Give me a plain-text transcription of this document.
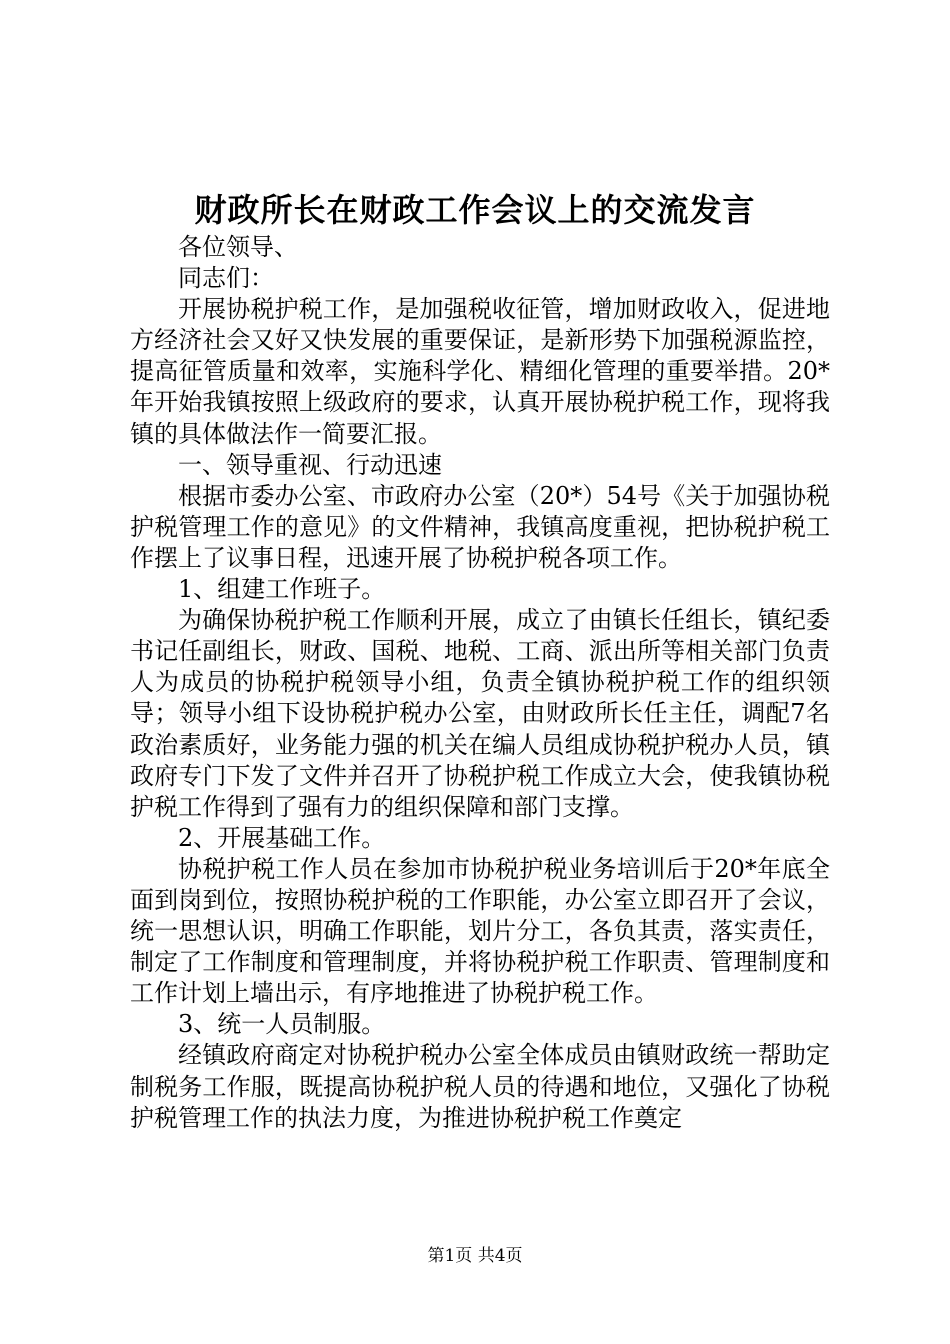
财政所长在财政工作会议上的交流发言

各位领导、

同志们：

开展协税护税工作，是加强税收征管，增加财政收入，促进地方经济社会又好又快发展的重要保证，是新形势下加强税源监控，提高征管质量和效率，实施科学化、精细化管理的重要举措。20*年开始我镇按照上级政府的要求，认真开展协税护税工作，现将我镇的具体做法作一简要汇报。

一、领导重视、行动迅速

根据市委办公室、市政府办公室（20*）54号《关于加强协税护税管理工作的意见》的文件精神，我镇高度重视，把协税护税工作摆上了议事日程，迅速开展了协税护税各项工作。

1、组建工作班子。

为确保协税护税工作顺利开展，成立了由镇长任组长，镇纪委书记任副组长，财政、国税、地税、工商、派出所等相关部门负责人为成员的协税护税领导小组，负责全镇协税护税工作的组织领导；领导小组下设协税护税办公室，由财政所长任主任，调配7名政治素质好，业务能力强的机关在编人员组成协税护税办人员，镇政府专门下发了文件并召开了协税护税工作成立大会，使我镇协税护税工作得到了强有力的组织保障和部门支撑。

2、开展基础工作。

协税护税工作人员在参加市协税护税业务培训后于20*年底全面到岗到位，按照协税护税的工作职能，办公室立即召开了会议，统一思想认识，明确工作职能，划片分工，各负其责，落实责任，制定了工作制度和管理制度，并将协税护税工作职责、管理制度和工作计划上墙出示，有序地推进了协税护税工作。

3、统一人员制服。

经镇政府商定对协税护税办公室全体成员由镇财政统一帮助定制税务工作服，既提高协税护税人员的待遇和地位，又强化了协税护税管理工作的执法力度，为推进协税护税工作奠定

第1页 共4页
